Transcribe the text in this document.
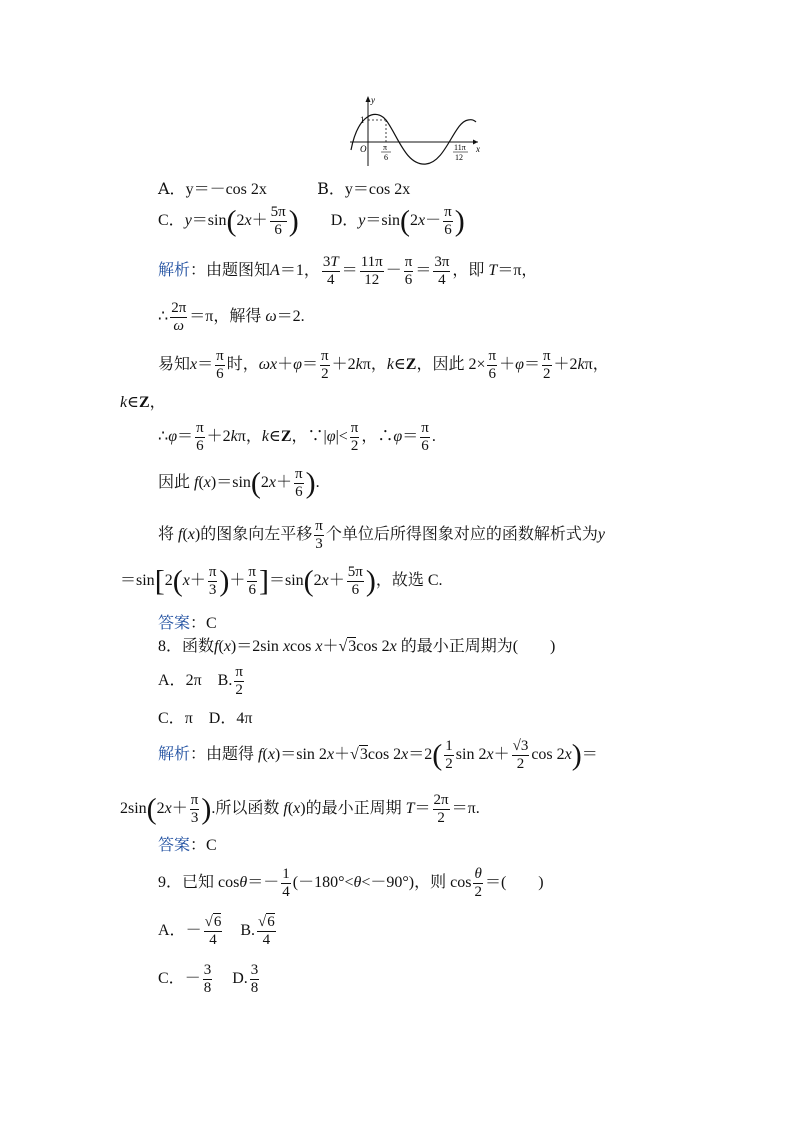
y
x
O
1
π
6
11π
12
A．y＝－cos 2x	B．y＝cos 2x
C．$y=\sin(2x+ \frac{5\pi}{6}$ ) D．$y=\sin(2x- \frac{\pi}{6}$ )
解析：由题图知A＝1， $\frac{3T}{4} = \frac{11\pi}{12} - \frac{\pi}{6} = \frac{3\pi}{4}$ ，即 T＝π，
∴ $\frac{2\pi}{\omega} =\pi$，解得 ω＝2.
易知$x= \frac{\pi}{6}$ 时，$\omega x+\varphi= \frac{\pi}{2} +2k\pi$，k∈Z，因此 $2\times \frac{\pi}{6} +\varphi= \frac{\pi}{2} +2k\pi$，
k∈Z，
∴φ＝ $\frac{\pi}{6} +2k\pi$，k∈Z，∵|φ|< $\frac{\pi}{2}$ ，∴φ＝ $\frac{\pi}{6}$ .
因此 $f(x)=\sin(2x+ \frac{\pi}{6}$ ).
将 f(x)的图象向左平移 $\frac{\pi}{3}$ 个单位后所得图象对应的函数解析式为y
$=\sin[2(x+ \frac{\pi}{3}$ )＋ $\frac{\pi}{6} ]=\sin(2x+ \frac{5\pi}{6}$ )，故选 C.
答案：C
8．函数f(x)＝2sin xcos x＋√3cos 2x 的最小正周期为(　　)
A．2π　 B. $\frac{\pi}{2}$
C．π　 D．4π
解析：由题得 f(x)＝sin 2x＋√3cos $2x=2( \frac{1}{2}$ $\sin 2x+ \frac{√3}{2}$ cos 2x)＝
$2\sin(2x+ \frac{\pi}{3}$ ).所以函数 f(x)的最小正周期 $T= \frac{2\pi}{2} =\pi$.
答案：C
9．已知 $\cos\theta=- \frac{1}{4} (-180^\circ<\theta<-90^\circ)$，则 $\cos \frac{\theta}{2}$ ＝(　　)
A．－ $\frac{√6}{4}$
　 B. $\frac{√6}{4}$
C．－ $\frac{3}{8} D$. $\frac{3}{8}$
